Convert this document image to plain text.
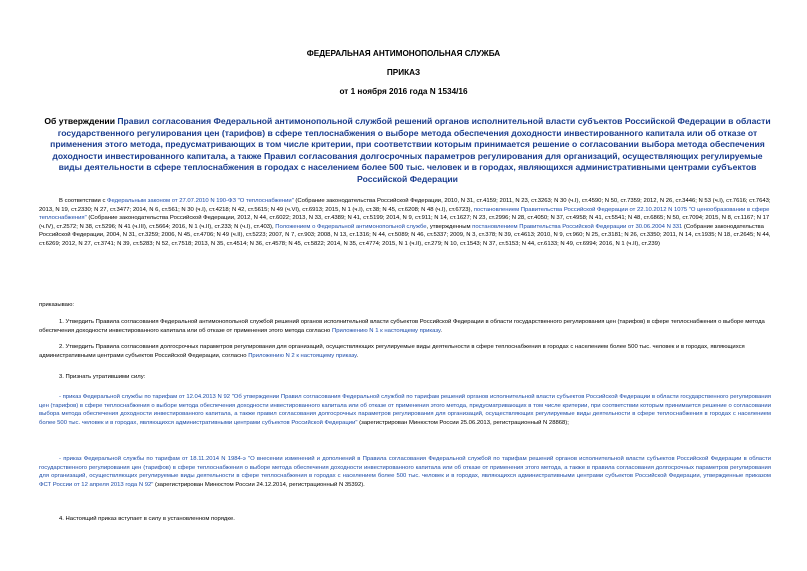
ФЕДЕРАЛЬНАЯ АНТИМОНОПОЛЬНАЯ СЛУЖБА
ПРИКАЗ
от 1 ноября 2016 года N 1534/16
Об утверждении Правил согласования Федеральной антимонопольной службой решений органов исполнительной власти субъектов Российской Федерации в области государственного регулирования цен (тарифов) в сфере теплоснабжения о выборе метода обеспечения доходности инвестированного капитала или об отказе от применения этого метода, предусматривающих в том числе критерии, при соответствии которым принимается решение о согласовании выбора метода обеспечения доходности инвестированного капитала, а также Правил согласования долгосрочных параметров регулирования для организаций, осуществляющих регулируемые виды деятельности в сфере теплоснабжения в городах с населением более 500 тыс. человек и в городах, являющихся административными центрами субъектов Российской Федерации
В соответствии с Федеральным законом от 27.07.2010 N 190-ФЗ "О теплоснабжении" (Собрание законодательства Российской Федерации, 2010, N 31, ст.4159; 2011, N 23, ст.3263; N 30 (ч.I), ст.4590; N 50, ст.7359; 2012, N 26, ст.3446; N 53 (ч.I), ст.7616; ст.7643; 2013, N 19, ст.2330; N 27, ст.3477; 2014, N 6, ст.561; N 30 (ч.I), ст.4218; N 42, ст.5615; N 49 (ч.VI), ст.6913; 2015, N 1 (ч.I), ст.38; N 45, ст.6208; N 48 (ч.I), ст.6723), постановлением Правительства Российской Федерации от 22.10.2012 N 1075 "О ценообразовании в сфере теплоснабжения" (Собрание законодательства Российской Федерации, 2012, N 44, ст.6022; 2013, N 33, ст.4389; N 41, ст.5199; 2014, N 9, ст.911; N 14, ст.1627; N 23, ст.2996; N 28, ст.4050; N 37, ст.4958; N 41, ст.5541; N 48, ст.6865; N 50, ст.7094; 2015, N 8, ст.1167; N 17 (ч.IV), ст.2572; N 38, ст.5296; N 41 (ч.III), ст.5664; 2016, N 1 (ч.II), ст.233; N (ч.I), ст.403), Положением о Федеральной антимонопольной службе, утвержденным постановлением Правительства Российской Федерации от 30.06.2004 N 331 (Собрание законодательства Российской Федерации, 2004, N 31, ст.3259; 2006, N 45, ст.4706; N 49 (ч.II), ст.5223; 2007, N 7, ст.903; 2008, N 13, ст.1316; N 44, ст.5089; N 46, ст.5337; 2009, N 3, ст.378; N 39, ст.4613; 2010, N 9, ст.960; N 25, ст.3181; N 26, ст.3350; 2011, N 14, ст.1935; N 18, ст.2645; N 44, ст.6269; 2012, N 27, ст.3741; N 39, ст.5283; N 52, ст.7518; 2013, N 35, ст.4514; N 36, ст.4578; N 45, ст.5822; 2014, N 35, ст.4774; 2015, N 1 (ч.II), ст.279; N 10, ст.1543; N 37, ст.5153; N 44, ст.6133; N 49, ст.6994; 2016, N 1 (ч.II), ст.239)
приказываю:
1. Утвердить Правила согласования Федеральной антимонопольной службой решений органов исполнительной власти субъектов Российской Федерации в области государственного регулирования цен (тарифов) в сфере теплоснабжения о выборе метода обеспечения доходности инвестированного капитала или об отказе от применения этого метода согласно Приложению N 1 к настоящему приказу.
2. Утвердить Правила согласования долгосрочных параметров регулирования для организаций, осуществляющих регулируемые виды деятельности в сфере теплоснабжения в городах с населением более 500 тыс. человек и в городах, являющихся административными центрами субъектов Российской Федерации, согласно Приложению N 2 к настоящему приказу.
3. Признать утратившими силу:
- приказ Федеральной службы по тарифам от 12.04.2013 N 92 "Об утверждении Правил согласования Федеральной службой по тарифам решений органов исполнительной власти субъектов Российской Федерации в области государственного регулирования цен (тарифов) в сфере теплоснабжения о выборе метода обеспечения доходности инвестированного капитала или об отказе от применения этого метода, предусматривающих в том числе критерии, при соответствии которым принимается решение о согласовании выбора метода обеспечения доходности инвестированного капитала, а также правил согласования долгосрочных параметров регулирования для организаций, осуществляющих регулируемые виды деятельности в сфере теплоснабжения в городах с населением более 500 тыс. человек и в городах, являющихся административными центрами субъектов Российской Федерации" (зарегистрирован Минюстом России 25.06.2013, регистрационный N 28868);
- приказ Федеральной службы по тарифам от 18.11.2014 N 1984-э "О внесении изменений и дополнений в Правила согласования Федеральной службой по тарифам решений органов исполнительной власти субъектов Российской Федерации в области государственного регулирования цен (тарифов) в сфере теплоснабжения о выборе метода обеспечения доходности инвестированного капитала или об отказе от применения этого метода, а также в правила согласования долгосрочных параметров регулирования для организаций, осуществляющих регулируемые виды деятельности в сфере теплоснабжения в городах с населением более 500 тыс. человек и в городах, являющихся административными центрами субъектов Российской Федерации, утвержденные приказом ФСТ России от 12 апреля 2013 года N 92" (зарегистрирован Минюстом России 24.12.2014, регистрационный N 35392).
4. Настоящий приказ вступает в силу в установленном порядке.
